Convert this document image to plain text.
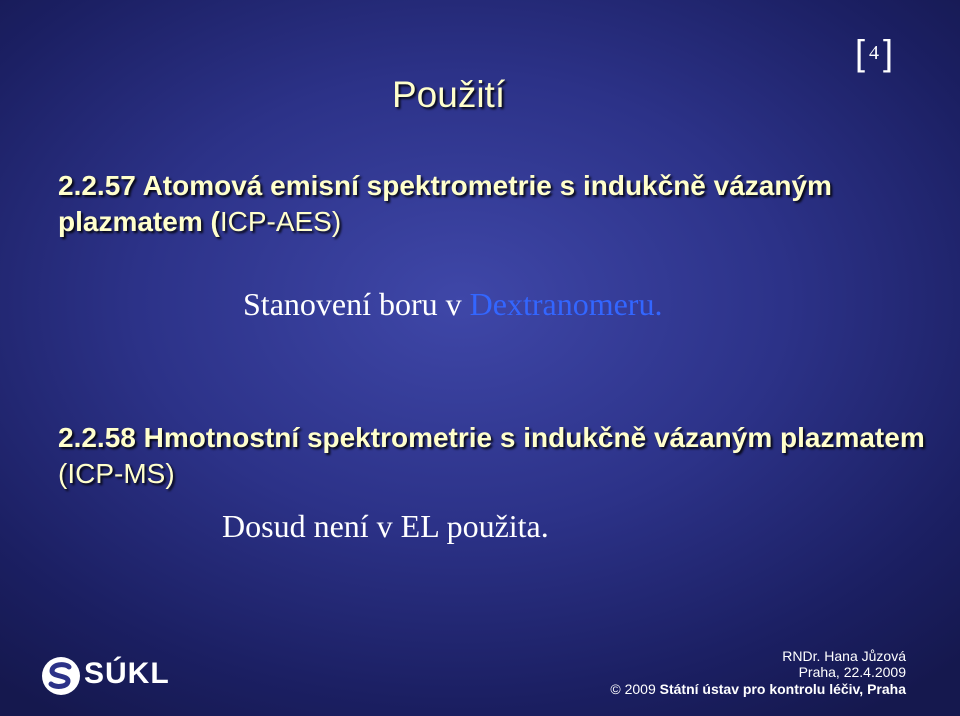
[ 4 ]
Použití
2.2.57 Atomová emisní spektrometrie s indukčně vázaným plazmatem (ICP-AES)
Stanovení boru v Dextranomeru.
2.2.58 Hmotnostní spektrometrie s indukčně vázaným plazmatem (ICP-MS)
Dosud není v EL použita.
SÚKL
RNDr. Hana Jůzová
Praha, 22.4.2009
© 2009 Státní ústav pro kontrolu léčiv, Praha
